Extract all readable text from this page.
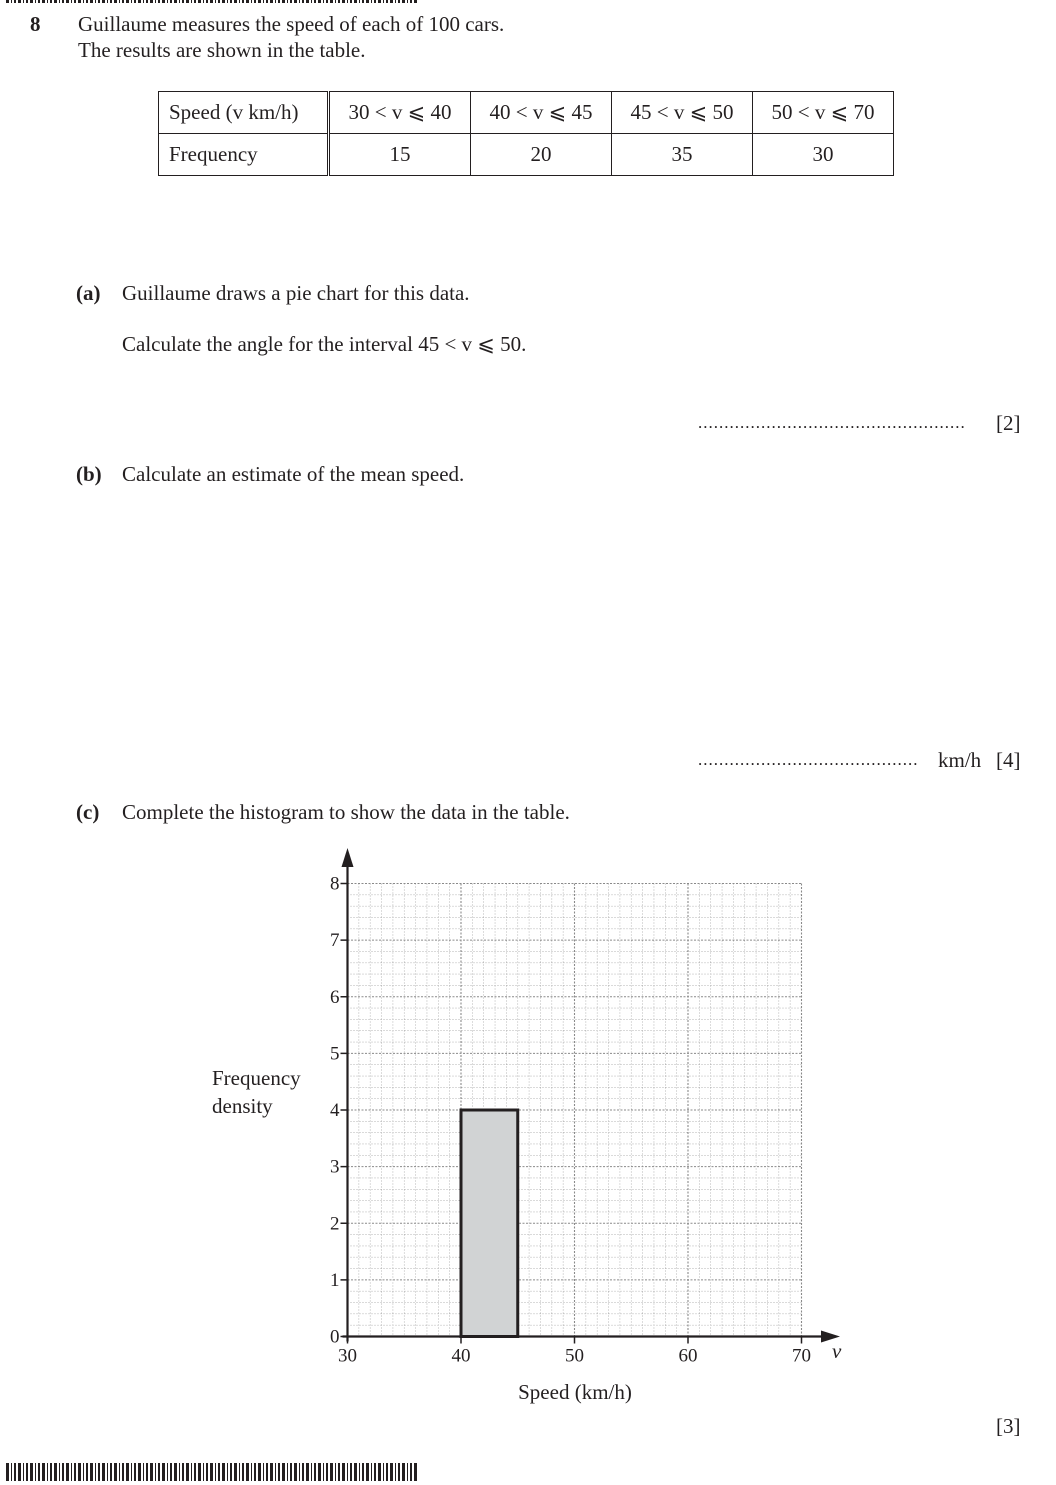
8 Guillaume measures the speed of each of 100 cars.
The results are shown in the table.
Speed (v km/h)	30 < v ⩽ 40	40 < v ⩽ 45	45 < v ⩽ 50	50 < v ⩽ 70
Frequency	15	20	35	30
(a) Guillaume draws a pie chart for this data.
Calculate the angle for the interval 45 < v ⩽ 50.
................................................... [2]
(b) Calculate an estimate of the mean speed.
.......................................... km/h [4]
(c) Complete the histogram to show the data in the table.
0
1
2
3
4
5
6
7
8
30	40	50	60	70
Frequency
density
Speed (km/h)
v
[3]
